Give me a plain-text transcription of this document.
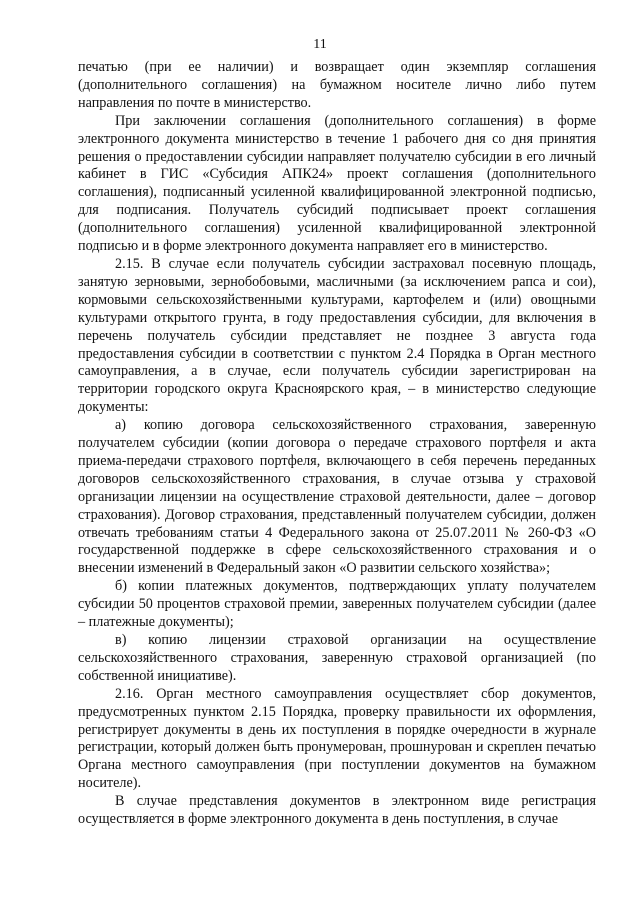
11

печатью (при ее наличии) и возвращает один экземпляр соглашения (дополнительного соглашения) на бумажном носителе лично либо путем направления по почте в министерство.

При заключении соглашения (дополнительного соглашения) в форме электронного документа министерство в течение 1 рабочего дня со дня принятия решения о предоставлении субсидии направляет получателю субсидии в его личный кабинет в ГИС «Субсидия АПК24» проект соглашения (дополнительного соглашения), подписанный усиленной квалифицированной электронной подписью, для подписания. Получатель субсидий подписывает проект соглашения (дополнительного соглашения) усиленной квалифицированной электронной подписью и в форме электронного документа направляет его в министерство.

2.15. В случае если получатель субсидии застраховал посевную площадь, занятую зерновыми, зернобобовыми, масличными (за исключением рапса и сои), кормовыми сельскохозяйственными культурами, картофелем и (или) овощными культурами открытого грунта, в году предоставления субсидии, для включения в перечень получатель субсидии представляет не позднее 3 августа года предоставления субсидии в соответствии с пунктом 2.4 Порядка в Орган местного самоуправления, а в случае, если получатель субсидии зарегистрирован на территории городского округа Красноярского края, – в министерство следующие документы:

а) копию договора сельскохозяйственного страхования, заверенную получателем субсидии (копии договора о передаче страхового портфеля и акта приема-передачи страхового портфеля, включающего в себя перечень переданных договоров сельскохозяйственного страхования, в случае отзыва у страховой организации лицензии на осуществление страховой деятельности, далее – договор страхования). Договор страхования, представленный получателем субсидии, должен отвечать требованиям статьи 4 Федерального закона от 25.07.2011 № 260-ФЗ «О государственной поддержке в сфере сельскохозяйственного страхования и о внесении изменений в Федеральный закон «О развитии сельского хозяйства»;

б) копии платежных документов, подтверждающих уплату получателем субсидии 50 процентов страховой премии, заверенных получателем субсидии (далее – платежные документы);

в) копию лицензии страховой организации на осуществление сельскохозяйственного страхования, заверенную страховой организацией (по собственной инициативе).

2.16. Орган местного самоуправления осуществляет сбор документов, предусмотренных пунктом 2.15 Порядка, проверку правильности их оформления, регистрирует документы в день их поступления в порядке очередности в журнале регистрации, который должен быть пронумерован, прошнурован и скреплен печатью Органа местного самоуправления (при поступлении документов на бумажном носителе).

В случае представления документов в электронном виде регистрация осуществляется в форме электронного документа в день поступления, в случае
